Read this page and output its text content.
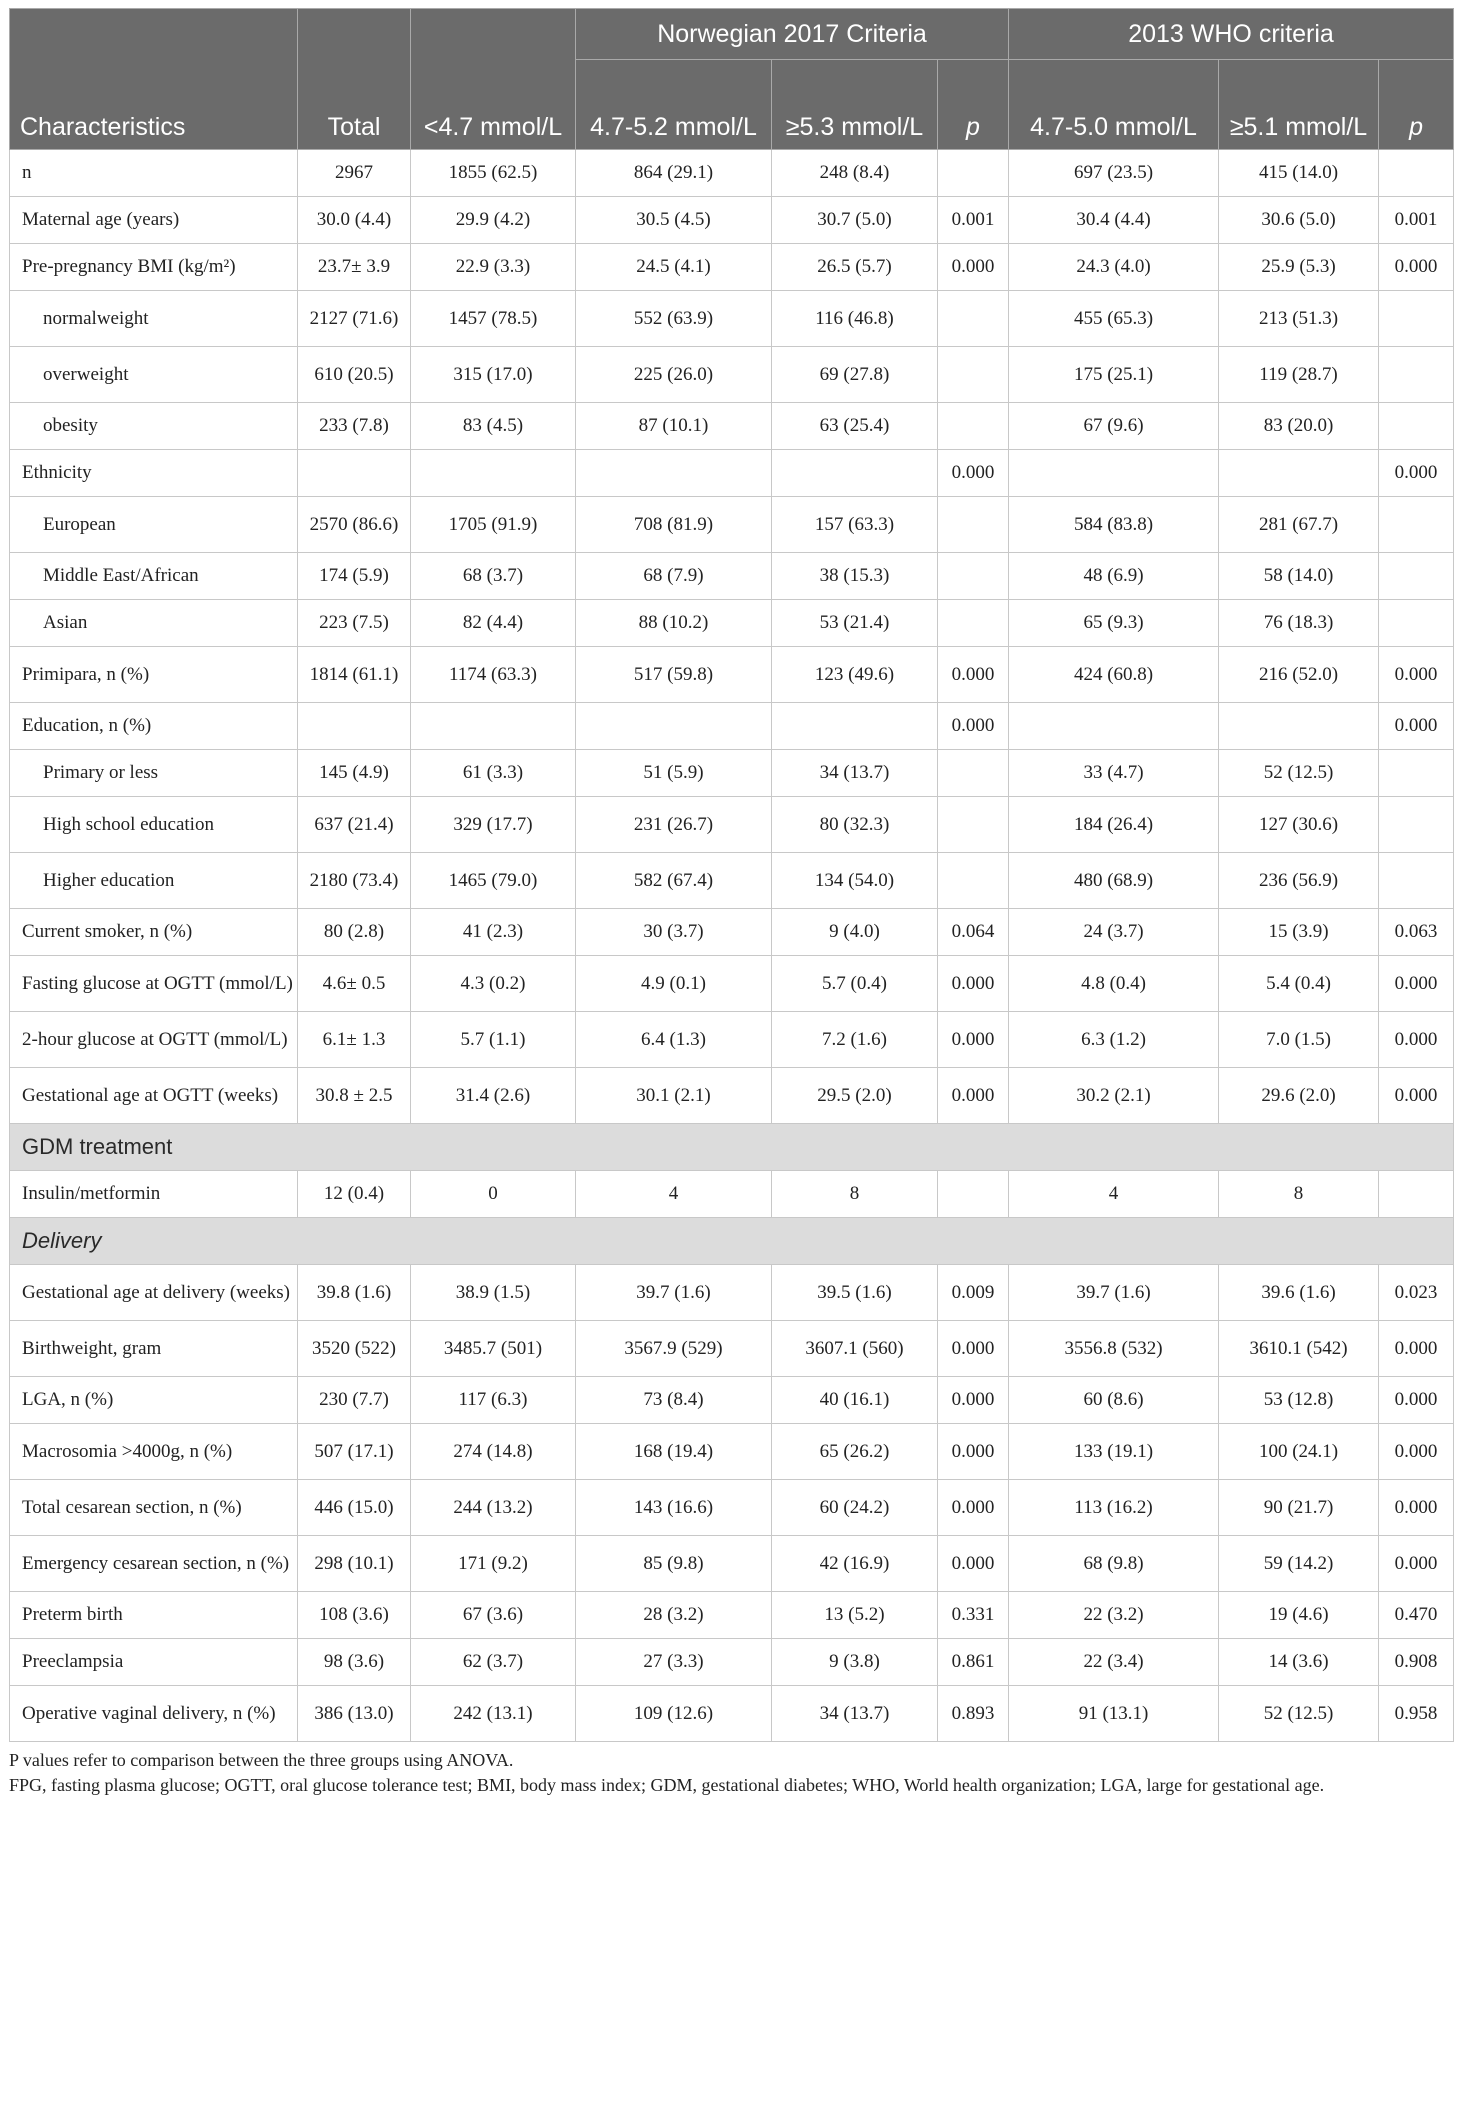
Characteristics	Total	<4.7 mmol/L	Norwegian 2017 Criteria			2013 WHO criteria		
			4.7-5.2 mmol/L	≥5.3 mmol/L	p	4.7-5.0 mmol/L	≥5.1 mmol/L	p
n	2967	1855 (62.5)	864 (29.1)	248 (8.4)		697 (23.5)	415 (14.0)	
Maternal age (years)	30.0 (4.4)	29.9 (4.2)	30.5 (4.5)	30.7 (5.0)	0.001	30.4 (4.4)	30.6 (5.0)	0.001
Pre-pregnancy BMI (kg/m²)	23.7± 3.9	22.9 (3.3)	24.5 (4.1)	26.5 (5.7)	0.000	24.3 (4.0)	25.9 (5.3)	0.000
normalweight	2127 (71.6)	1457 (78.5)	552 (63.9)	116 (46.8)		455 (65.3)	213 (51.3)	
overweight	610 (20.5)	315 (17.0)	225 (26.0)	69 (27.8)		175 (25.1)	119 (28.7)	
obesity	233 (7.8)	83 (4.5)	87 (10.1)	63 (25.4)		67 (9.6)	83 (20.0)	
Ethnicity					0.000			0.000
European	2570 (86.6)	1705 (91.9)	708 (81.9)	157 (63.3)		584 (83.8)	281 (67.7)	
Middle East/African	174 (5.9)	68 (3.7)	68 (7.9)	38 (15.3)		48 (6.9)	58 (14.0)	
Asian	223 (7.5)	82 (4.4)	88 (10.2)	53 (21.4)		65 (9.3)	76 (18.3)	
Primipara, n (%)	1814 (61.1)	1174 (63.3)	517 (59.8)	123 (49.6)	0.000	424 (60.8)	216 (52.0)	0.000
Education, n (%)					0.000			0.000
Primary or less	145 (4.9)	61 (3.3)	51 (5.9)	34 (13.7)		33 (4.7)	52 (12.5)	
High school education	637 (21.4)	329 (17.7)	231 (26.7)	80 (32.3)		184 (26.4)	127 (30.6)	
Higher education	2180 (73.4)	1465 (79.0)	582 (67.4)	134 (54.0)		480 (68.9)	236 (56.9)	
Current smoker, n (%)	80 (2.8)	41 (2.3)	30 (3.7)	9 (4.0)	0.064	24 (3.7)	15 (3.9)	0.063
Fasting glucose at OGTT (mmol/L)	4.6± 0.5	4.3 (0.2)	4.9 (0.1)	5.7 (0.4)	0.000	4.8 (0.4)	5.4 (0.4)	0.000
2-hour glucose at OGTT (mmol/L)	6.1± 1.3	5.7 (1.1)	6.4 (1.3)	7.2 (1.6)	0.000	6.3 (1.2)	7.0 (1.5)	0.000
Gestational age at OGTT (weeks)	30.8 ± 2.5	31.4 (2.6)	30.1 (2.1)	29.5 (2.0)	0.000	30.2 (2.1)	29.6 (2.0)	0.000
GDM treatment								
Insulin/metformin	12 (0.4)	0	4	8		4	8	
Delivery								
Gestational age at delivery (weeks)	39.8 (1.6)	38.9 (1.5)	39.7 (1.6)	39.5 (1.6)	0.009	39.7 (1.6)	39.6 (1.6)	0.023
Birthweight, gram	3520 (522)	3485.7 (501)	3567.9 (529)	3607.1 (560)	0.000	3556.8 (532)	3610.1 (542)	0.000
LGA, n (%)	230 (7.7)	117 (6.3)	73 (8.4)	40 (16.1)	0.000	60 (8.6)	53 (12.8)	0.000
Macrosomia >4000g, n (%)	507 (17.1)	274 (14.8)	168 (19.4)	65 (26.2)	0.000	133 (19.1)	100 (24.1)	0.000
Total cesarean section, n (%)	446 (15.0)	244 (13.2)	143 (16.6)	60 (24.2)	0.000	113 (16.2)	90 (21.7)	0.000
Emergency cesarean section, n (%)	298 (10.1)	171 (9.2)	85 (9.8)	42 (16.9)	0.000	68 (9.8)	59 (14.2)	0.000
Preterm birth	108 (3.6)	67 (3.6)	28 (3.2)	13 (5.2)	0.331	22 (3.2)	19 (4.6)	0.470
Preeclampsia	98 (3.6)	62 (3.7)	27 (3.3)	9 (3.8)	0.861	22 (3.4)	14 (3.6)	0.908
Operative vaginal delivery, n (%)	386 (13.0)	242 (13.1)	109 (12.6)	34 (13.7)	0.893	91 (13.1)	52 (12.5)	0.958
P values refer to comparison between the three groups using ANOVA.
FPG, fasting plasma glucose; OGTT, oral glucose tolerance test; BMI, body mass index; GDM, gestational diabetes; WHO, World health organization; LGA, large for gestational age.
